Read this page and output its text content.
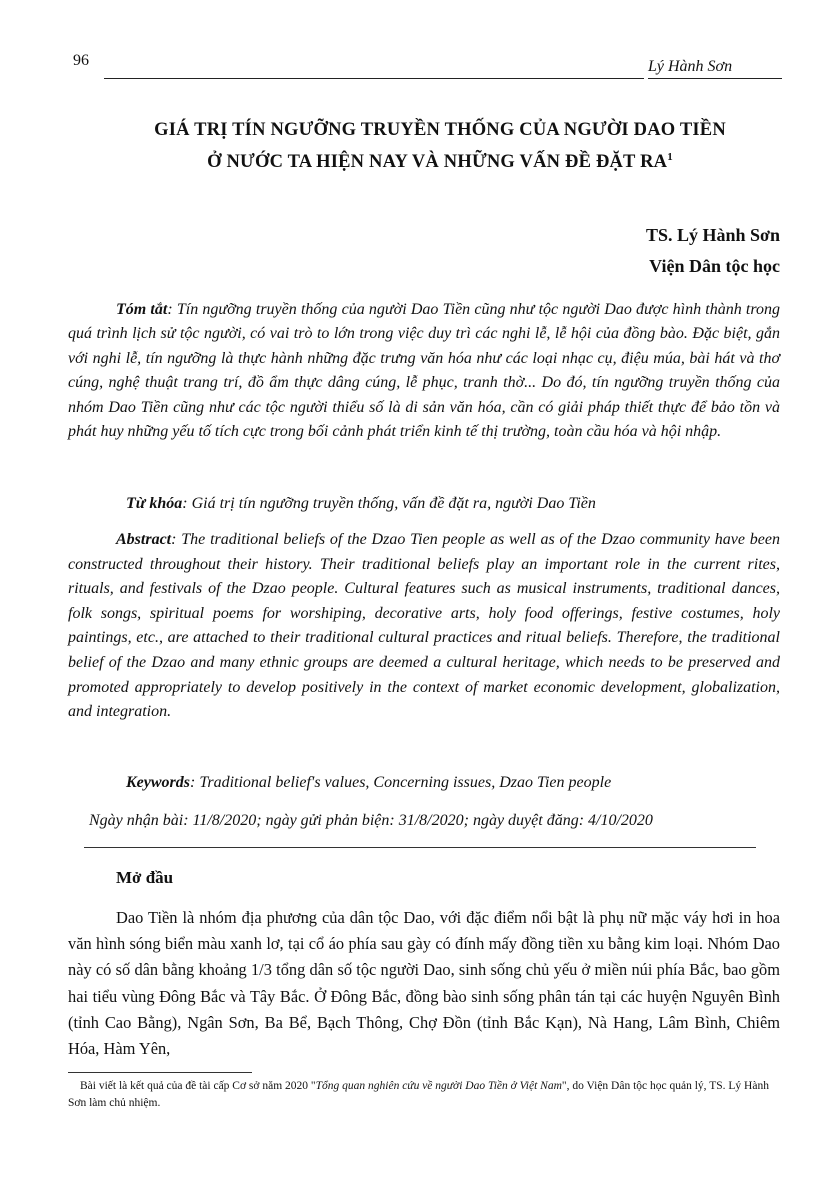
96	Lý Hành Sơn
GIÁ TRỊ TÍN NGƯỠNG TRUYỀN THỐNG CỦA NGƯỜI DAO TIỀN
Ở NƯỚC TA HIỆN NAY VÀ NHỮNG VẤN ĐỀ ĐẶT $RA^1$
TS. Lý Hành Sơn
Viện Dân tộc học

Tóm tắt: Tín ngưỡng truyền thống của người Dao Tiền cũng như tộc người Dao được hình thành trong quá trình lịch sử tộc người, có vai trò to lớn trong việc duy trì các nghi lễ, lễ hội của đồng bào. Đặc biệt, gắn với nghi lễ, tín ngưỡng là thực hành những đặc trưng văn hóa như các loại nhạc cụ, điệu múa, bài hát và thơ cúng, nghệ thuật trang trí, đồ ẩm thực dâng cúng, lễ phục, tranh thờ... Do đó, tín ngưỡng truyền thống của nhóm Dao Tiền cũng như các tộc người thiểu số là di sản văn hóa, cần có giải pháp thiết thực để bảo tồn và phát huy những yếu tố tích cực trong bối cảnh phát triển kinh tế thị trường, toàn cầu hóa và hội nhập.

Từ khóa: Giá trị tín ngưỡng truyền thống, vấn đề đặt ra, người Dao Tiền

Abstract: The traditional beliefs of the Dzao Tien people as well as of the Dzao community have been constructed throughout their history. Their traditional beliefs play an important role in the current rites, rituals, and festivals of the Dzao people. Cultural features such as musical instruments, traditional dances, folk songs, spiritual poems for worshiping, decorative arts, holy food offerings, festive costumes, holy paintings, etc., are attached to their traditional cultural practices and ritual beliefs. Therefore, the traditional belief of the Dzao and many ethnic groups are deemed a cultural heritage, which needs to be preserved and promoted appropriately to develop positively in the context of market economic development, globalization, and integration.

Keywords: Traditional belief's values, Concerning issues, Dzao Tien people

Ngày nhận bài: 11/8/2020; ngày gửi phản biện: 31/8/2020; ngày duyệt đăng: 4/10/2020

Mở đầu

Dao Tiền là nhóm địa phương của dân tộc Dao, với đặc điểm nổi bật là phụ nữ mặc váy hơi in hoa văn hình sóng biển màu xanh lơ, tại cổ áo phía sau gày có đính mấy đồng tiền xu bằng kim loại. Nhóm Dao này có số dân bằng khoảng 1/3 tổng dân số tộc người Dao, sinh sống chủ yếu ở miền núi phía Bắc, bao gồm hai tiểu vùng Đông Bắc và Tây Bắc. Ở Đông Bắc, đồng bào sinh sống phân tán tại các huyện Nguyên Bình (tỉnh Cao Bằng), Ngân Sơn, Ba Bể, Bạch Thông, Chợ Đồn (tỉnh Bắc Kạn), Nà Hang, Lâm Bình, Chiêm Hóa, Hàm Yên,

Bài viết là kết quả của đề tài cấp Cơ sở năm 2020 "Tổng quan nghiên cứu về người Dao Tiền ở Việt Nam", do Viện Dân tộc học quản lý, TS. Lý Hành Sơn làm chủ nhiệm.
